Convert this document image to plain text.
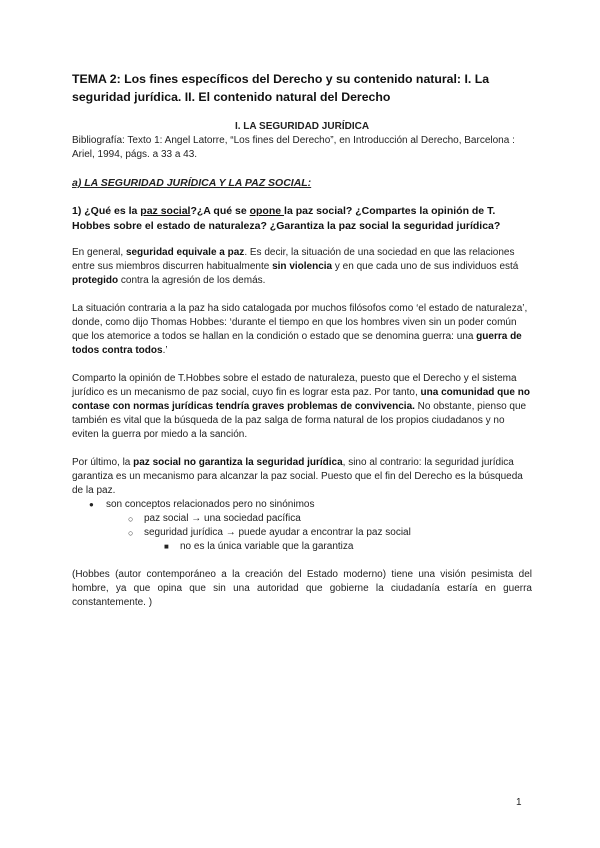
TEMA 2: Los fines específicos del Derecho y su contenido natural: I. La seguridad jurídica. II. El contenido natural del Derecho
I. LA SEGURIDAD JURÍDICA
Bibliografía: Texto 1: Angel Latorre, “Los fines del Derecho”, en Introducción al Derecho, Barcelona : Ariel, 1994, págs. a 33 a 43.
a) LA SEGURIDAD JURÍDICA Y LA PAZ SOCIAL:
1) ¿Qué es la paz social?¿A qué se opone la paz social? ¿Compartes la opinión de T. Hobbes sobre el estado de naturaleza? ¿Garantiza la paz social la seguridad jurídica?

En general, seguridad equivale a paz. Es decir, la situación de una sociedad en que las relaciones entre sus miembros discurren habitualmente sin violencia y en que cada uno de sus individuos está protegido contra la agresión de los demás.

La situación contraria a la paz ha sido catalogada por muchos filósofos como ‘el estado de naturaleza’, donde, como dijo Thomas Hobbes: ‘durante el tiempo en que los hombres viven sin un poder común que los atemorice a todos se hallan en la condición o estado que se denomina guerra: una guerra de todos contra todos.’

Comparto la opinión de T.Hobbes sobre el estado de naturaleza, puesto que el Derecho y el sistema jurídico es un mecanismo de paz social, cuyo fin es lograr esta paz. Por tanto, una comunidad que no contase con normas jurídicas tendría graves problemas de convivencia. No obstante, pienso que también es vital que la búsqueda de la paz salga de forma natural de los propios ciudadanos y no eviten la guerra por miedo a la sanción.

Por último, la paz social no garantiza la seguridad jurídica, sino al contrario: la seguridad jurídica garantiza es un mecanismo para alcanzar la paz social. Puesto que el fin del Derecho es la búsqueda de la paz.

● son conceptos relacionados pero no sinónimos
○ paz social → una sociedad pacífica
○ seguridad jurídica → puede ayudar a encontrar la paz social
■ no es la única variable que la garantiza

(Hobbes (autor contemporáneo a la creación del Estado moderno) tiene una visión pesimista del hombre, ya que opina que sin una autoridad que gobierne la ciudadanía estaría en guerra constantemente. )

1
